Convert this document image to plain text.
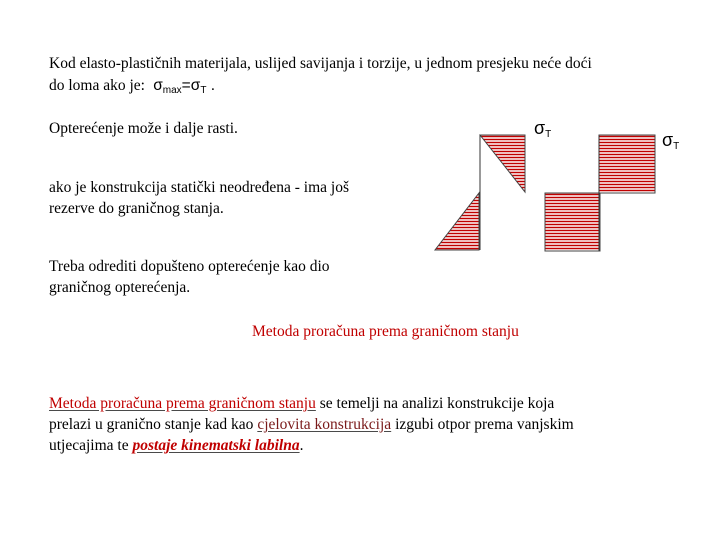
Kod elasto-plastičnih materijala, uslijed savijanja i torzije, u jednom presjeku neće doći
do loma ako je: $\sigma_{max}=\sigma_T$ .
Opterećenje može i dalje rasti.
ako je konstrukcija statički neodređena - ima još
rezerve do graničnog stanja.
Treba odrediti dopušteno opterećenje kao dio
graničnog opterećenja.
Metoda proračuna prema graničnom stanju
Metoda proračuna prema graničnom stanju se temelji na analizi konstrukcije koja
prelazi u granično stanje kad kao cjelovita konstrukcija izgubi otpor prema vanjskim
utjecajima te postaje kinematski labilna.
$\sigma_T$	$\sigma_T$
